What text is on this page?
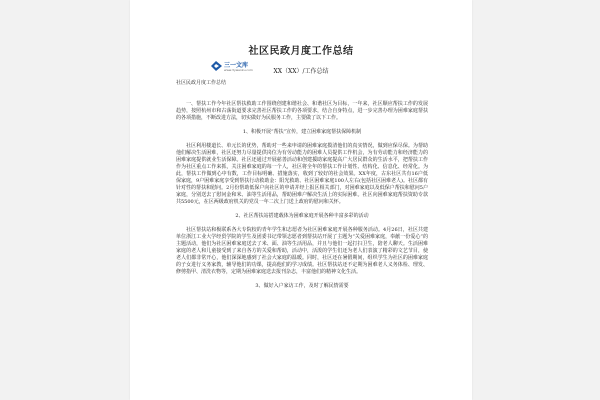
社区民政月度工作总结
三一文库
www.3ywenku.com	XX（XX）/工作总结

社区民政月度工作总结

一、帮扶工作今年社区帮扶救助工作围绕创建和谐社会、和谐社区为目标，一年来，社区顺应帮扶工作的发展趋势，按照杭州市和古荡街道要求完善社区帮扶工作的各项要求，结合自身特点，进一步完善办理为困难家庭帮扶的各项措施，不断改进方法，切实做好为民服务工作，主要做了以下工作。

1、积极开展“帮扶”宣传，建立困难家庭帮扶保障机制

社区利用楼道长、单元长的优势，帮助对一些来申请的困难家庭摸清他们的真实情况，做到应保尽保。为帮助他们解决生活困难，社区还努力尽量提供岗位为有劳动能力的困难人员提供工作机会，为有劳动能力和经济能力的困难家庭提供就业生活保障。社区还通过开展慈善活动和创建援助家庭提高广大居民群众的生活水平，把帮扶工作作为社区重点工作来抓，关注困难家庭的每一个人，社区将全年的帮扶工作计划性、结构化、信息化、经常化。为此，帮扶工作做到心中有数，工作目标明确、措施落实，收到了较好的社会效果。XX年度，古东社区共有16户低保家庭，9户困难家庭享受到帮扶行动救助金：阳光救助、社区困难家庭100人左右(包括社区困难老人)。社区都有针对性的帮扶和慰问。2月份帮助低保户向社区的申请并经上报区相关部门，对困难家庭以及低保户帮扶和慰问5户家庭，分别送去了慰问金和米、油等生活用品，帮助困难户解决生活上的实际困难。社区向困难家庭帮扶资助专款共5500元，在区两级政府机关的党员一年二次上门送上政府的慰问和关怀。

2、社区帮扶站搭建载体为困难家庭开展各种丰富多彩的活动

社区帮扶站和极联系各大专院校的青年学生和志愿者为社区困难家庭开展各种服务活动。4月26日，社区共建单位浙江工业大学经贸学院的学生及团委书记带领志愿者到帮扶站开展了主题为“关爱困难家庭，奉献一份爱心”的主题活动，他们为社区困难家庭送去了米、面、油等生活用品，并且与他们一起打扫卫生，陪老人聊天。生活困难家庭的老人和儿童接受到了来自各方的关爱和帮助，活动中，活泼的学生们还为老人们表演了精彩的文艺节目，使老人们都非常开心，他们深深地感到了社会大家庭的温暖。同时，社区还在暑假期间，组织学生为社区的困难家庭的子女进行义务家教，辅导他们的功课，提高他们的学习成绩。社区帮扶站还不定期为困难老人义务体检、理发、修剪指甲、清洗衣物等，定期为困难家庭送去报刊杂志，丰富他们的精神文化生活。

3、做好入户家访工作，及时了解民情需要
